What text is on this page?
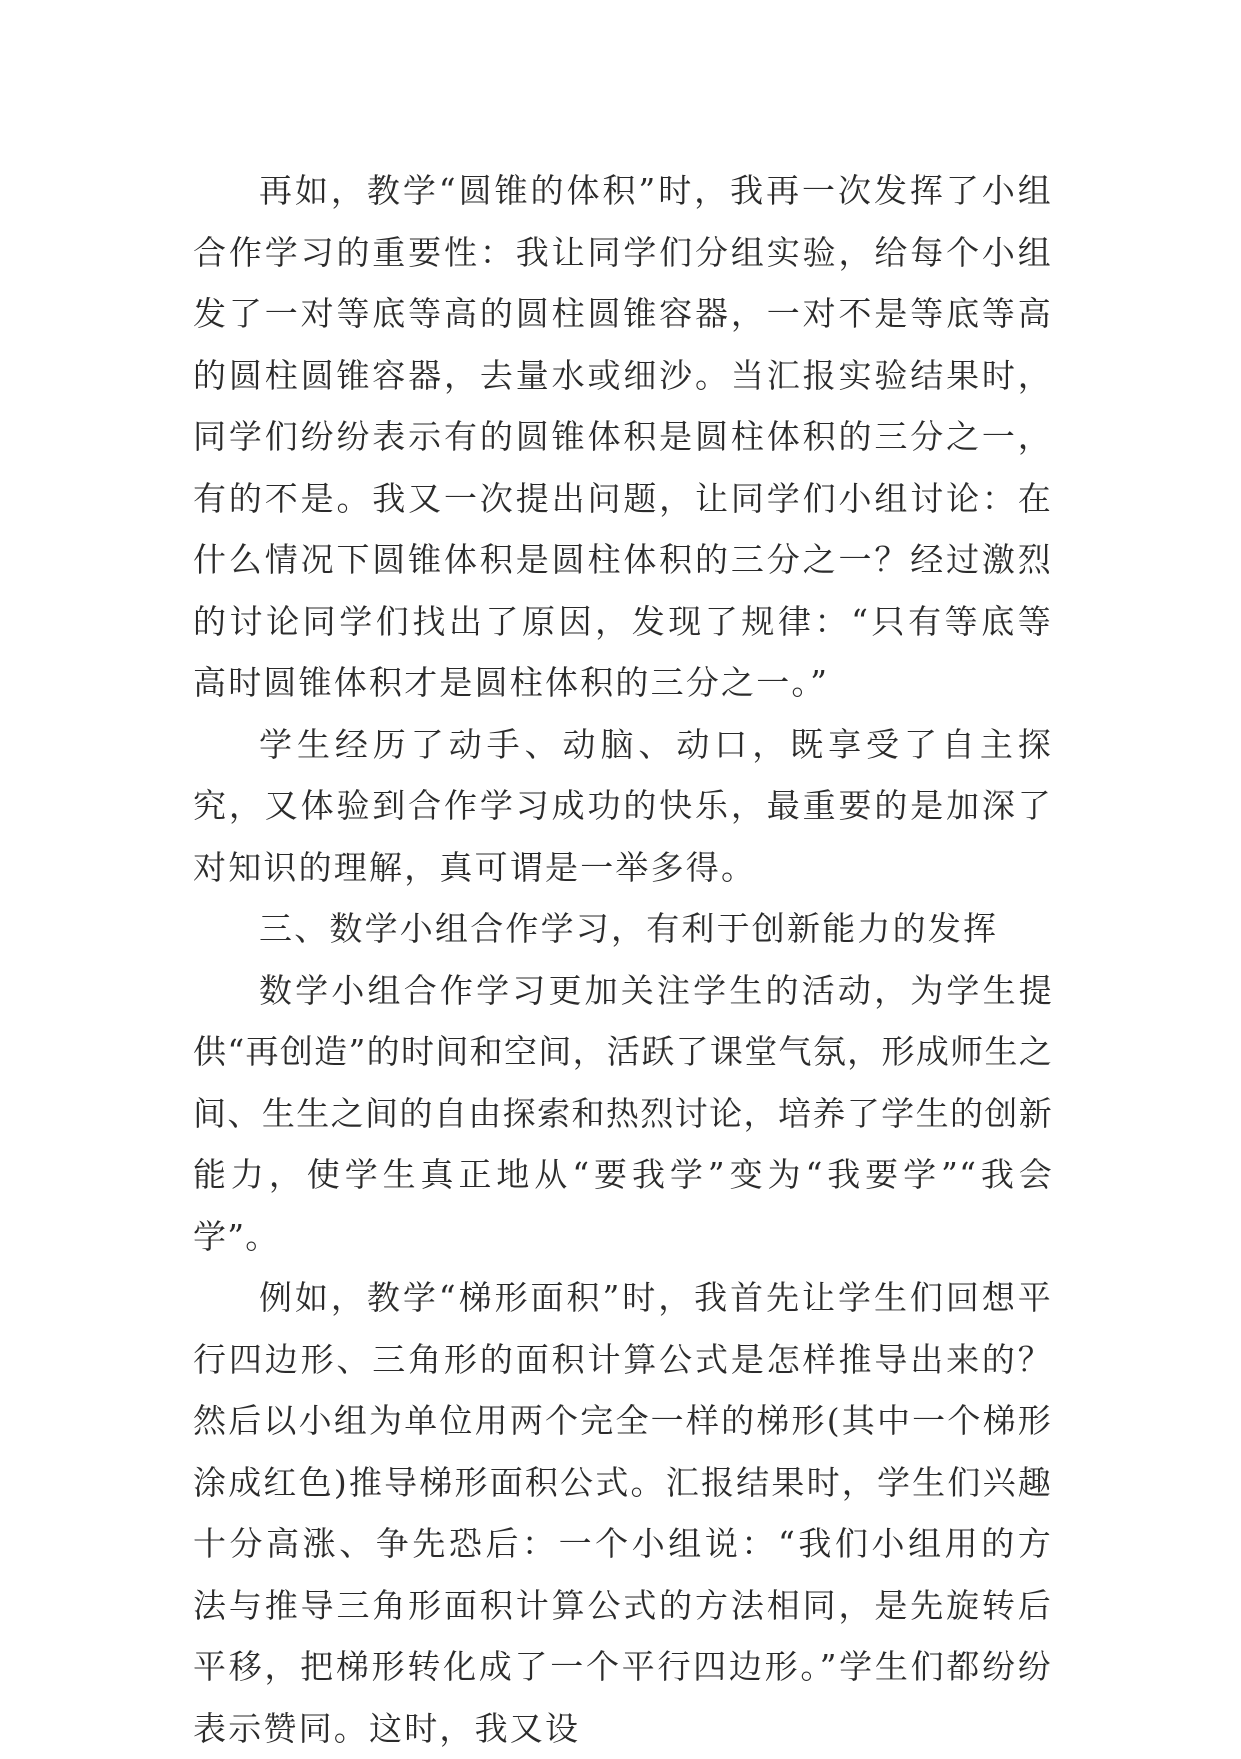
再如，教学“圆锥的体积”时，我再一次发挥了小组合作学习的重要性：我让同学们分组实验，给每个小组发了一对等底等高的圆柱圆锥容器，一对不是等底等高的圆柱圆锥容器，去量水或细沙。当汇报实验结果时，同学们纷纷表示有的圆锥体积是圆柱体积的三分之一，有的不是。我又一次提出问题，让同学们小组讨论：在什么情况下圆锥体积是圆柱体积的三分之一？经过激烈的讨论同学们找出了原因，发现了规律：“只有等底等高时圆锥体积才是圆柱体积的三分之一。”

学生经历了动手、动脑、动口，既享受了自主探究，又体验到合作学习成功的快乐，最重要的是加深了对知识的理解，真可谓是一举多得。

三、数学小组合作学习，有利于创新能力的发挥

数学小组合作学习更加关注学生的活动，为学生提供“再创造”的时间和空间，活跃了课堂气氛，形成师生之间、生生之间的自由探索和热烈讨论，培养了学生的创新能力，使学生真正地从“要我学”变为“我要学”“我会学”。

例如，教学“梯形面积”时，我首先让学生们回想平行四边形、三角形的面积计算公式是怎样推导出来的？然后以小组为单位用两个完全一样的梯形(其中一个梯形涂成红色)推导梯形面积公式。汇报结果时，学生们兴趣十分高涨、争先恐后：一个小组说：“我们小组用的方法与推导三角形面积计算公式的方法相同，是先旋转后平移，把梯形转化成了一个平行四边形。”学生们都纷纷表示赞同。这时，我又设
